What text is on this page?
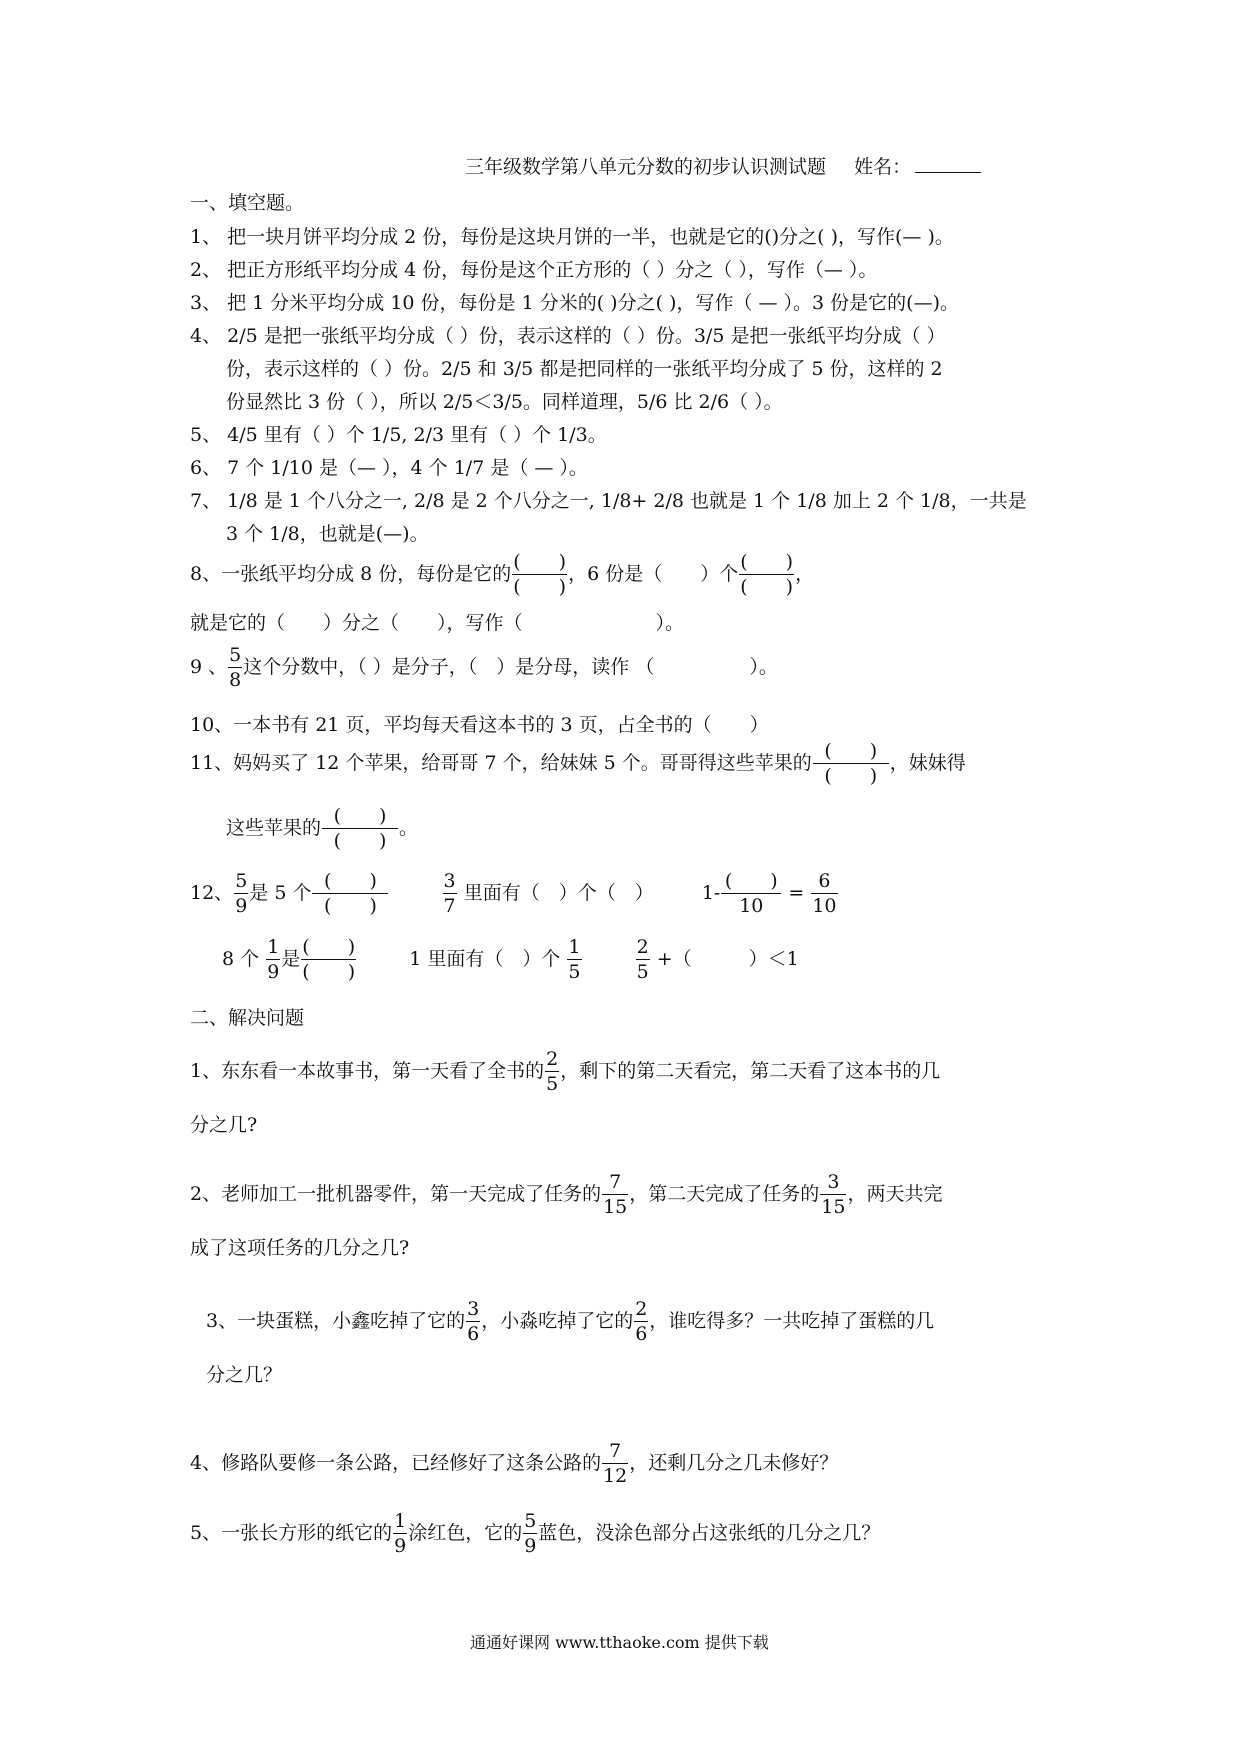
三年级数学第八单元分数的初步认识测试题 姓名：
一、填空题。
1、 把一块月饼平均分成 2 份，每份是这块月饼的一半，也就是它的()分之( )，写作(— )。
2、 把正方形纸平均分成 4 份，每份是这个正方形的（ ）分之（ ），写作（— ）。
3、 把 1 分米平均分成 10 份，每份是 1 分米的( )分之( )，写作（ — ）。3 份是它的(—)。
4、 2/5 是把一张纸平均分成（ ）份，表示这样的（ ）份。3/5 是把一张纸平均分成（ ）
份，表示这样的（ ）份。2/5 和 3/5 都是把同样的一张纸平均分成了 5 份，这样的 2
份显然比 3 份（ ），所以 2/5＜3/5。同样道理，5/6 比 2/6（ ）。
5、 4/5 里有（ ）个 1/5, 2/3 里有（ ）个 1/3。
6、 7 个 1/10 是（— ），4 个 1/7 是（ — ）。
7、 1/8 是 1 个八分之一, 2/8 是 2 个八分之一, 1/8+ 2/8 也就是 1 个 1/8 加上 2 个 1/8，一共是
3 个 1/8，也就是(—)。
8、一张纸平均分成 8 份，每份是它的 $\frac{( )}{( )}$ ，6 份是（　　）个 $\frac{( )}{( )}$ ，
就是它的（　　）分之（　　），写作（　　　　　　　）。
9 、 $\frac{5}{8}$ 这个分数中，（ ）是分子，（　）是分母，读作 （　　　　　）。
10、一本书有 21 页，平均每天看这本书的 3 页，占全书的（　　）
11、妈妈买了 12 个苹果，给哥哥 7 个，给妹妹 5 个。哥哥得这些苹果的 $\frac{( )}{( )}$ ，妹妹得
这些苹果的 $\frac{( )}{( )}$ 。
12、 $\frac{5}{9}$ 是 5 个 $\frac{( )}{( )}$
	$\frac{3}{7}$ 里面有（　）个（　）	$1- \frac{( )}{10} = \frac{6}{10}$
8 个 $\frac{1}{9}$ 是 $\frac{( )}{( )}$	1 里面有（　）个 $\frac{1}{5}$
	$\frac{2}{5}$ +（　　　）＜1
二、解决问题
1、东东看一本故事书，第一天看了全书的 $\frac{2}{5}$ ，剩下的第二天看完，第二天看了这本书的几
分之几?
2、老师加工一批机器零件，第一天完成了任务的 $\frac{7}{15}$ ，第二天完成了任务的 $\frac{3}{15}$ ，两天共完
成了这项任务的几分之几?
3、一块蛋糕，小鑫吃掉了它的 $\frac{3}{6}$ ，小淼吃掉了它的 $\frac{2}{6}$ ，谁吃得多？一共吃掉了蛋糕的几
分之几？
4、修路队要修一条公路，已经修好了这条公路的 $\frac{7}{12}$ ，还剩几分之几未修好？
5、一张长方形的纸它的 $\frac{1}{9}$ 涂红色，它的 $\frac{5}{9}$ 蓝色，没涂色部分占这张纸的几分之几？
通通好课网 www.tthaoke.com 提供下载
